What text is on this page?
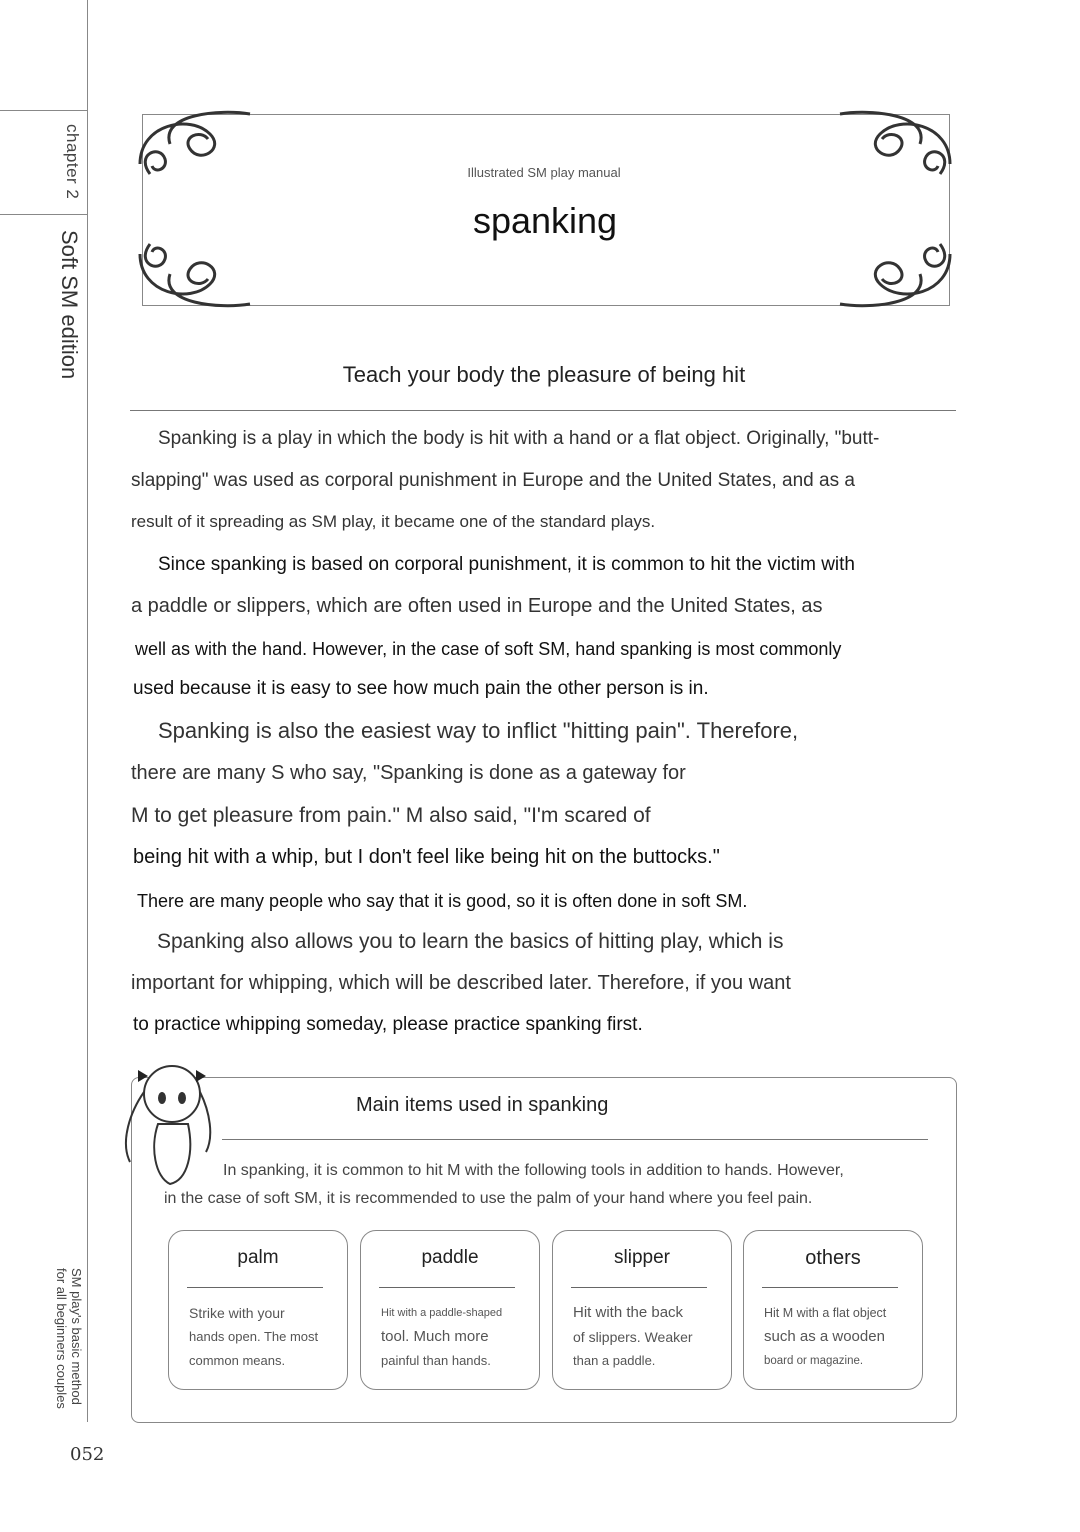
chapter 2
Soft SM edition
SM play's basic method
for all beginners couples
052
Illustrated SM play manual
spanking
Teach your body the pleasure of being hit
Spanking is a play in which the body is hit with a hand or a flat object. Originally, "butt-
slapping" was used as corporal punishment in Europe and the United States, and as a
result of it spreading as SM play, it became one of the standard plays.
Since spanking is based on corporal punishment, it is common to hit the victim with
a paddle or slippers, which are often used in Europe and the United States, as
well as with the hand. However, in the case of soft SM, hand spanking is most commonly
used because it is easy to see how much pain the other person is in.
Spanking is also the easiest way to inflict "hitting pain". Therefore,
there are many S who say, "Spanking is done as a gateway for
M to get pleasure from pain." M also said, "I'm scared of
being hit with a whip, but I don't feel like being hit on the buttocks."
There are many people who say that it is good, so it is often done in soft SM.
Spanking also allows you to learn the basics of hitting play, which is
important for whipping, which will be described later. Therefore, if you want
to practice whipping someday, please practice spanking first.
Main items used in spanking
In spanking, it is common to hit M with the following tools in addition to hands. However,
in the case of soft SM, it is recommended to use the palm of your hand where you feel pain.
palm
Strike with your
hands open. The most
common means.
paddle
Hit with a paddle-shaped
tool. Much more
painful than hands.
slipper
Hit with the back
of slippers. Weaker
than a paddle.
others
Hit M with a flat object
such as a wooden
board or magazine.
